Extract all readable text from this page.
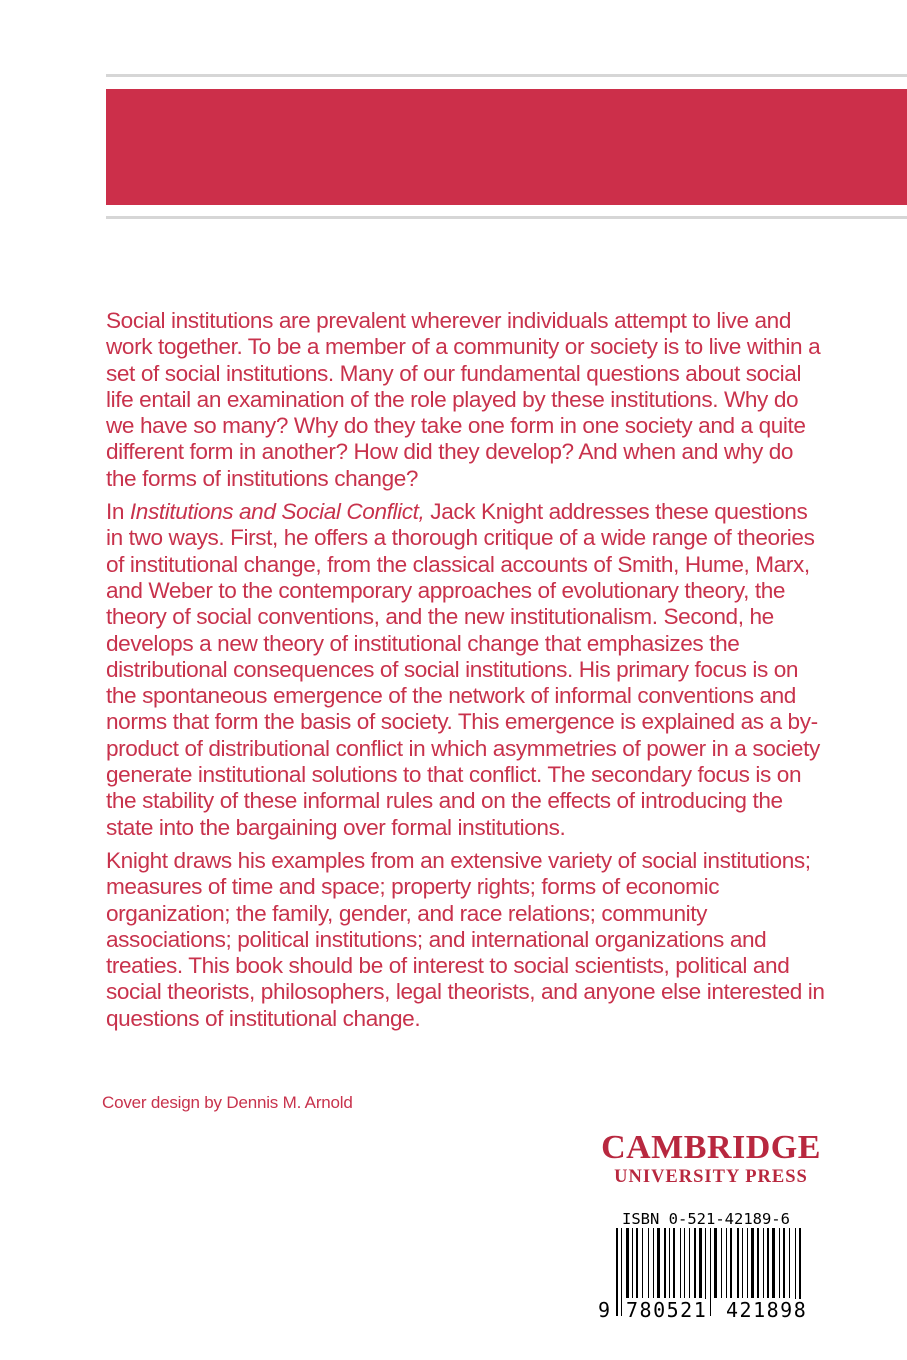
Social institutions are prevalent wherever individuals attempt to live and work together. To be a member of a community or society is to live within a set of social institutions. Many of our fundamental questions about social life entail an examination of the role played by these institutions. Why do we have so many? Why do they take one form in one society and a quite different form in another? How did they develop? And when and why do the forms of institutions change?

In Institutions and Social Conflict, Jack Knight addresses these questions in two ways. First, he offers a thorough critique of a wide range of theories of institutional change, from the classical accounts of Smith, Hume, Marx, and Weber to the contemporary approaches of evolutionary theory, the theory of social conventions, and the new institutionalism. Second, he develops a new theory of institutional change that emphasizes the distributional consequences of social institutions. His primary focus is on the spontaneous emergence of the network of informal conventions and norms that form the basis of society. This emergence is explained as a by-product of distributional conflict in which asymmetries of power in a society generate institutional solutions to that conflict. The secondary focus is on the stability of these informal rules and on the effects of introducing the state into the bargaining over formal institutions.

Knight draws his examples from an extensive variety of social institutions; measures of time and space; property rights; forms of economic organization; the family, gender, and race relations; community associations; political institutions; and international organizations and treaties. This book should be of interest to social scientists, political and social theorists, philosophers, legal theorists, and anyone else interested in questions of institutional change.

Cover design by Dennis M. Arnold
CAMBRIDGE
UNIVERSITY PRESS
ISBN 0-521-42189-6
9 780521 421898
